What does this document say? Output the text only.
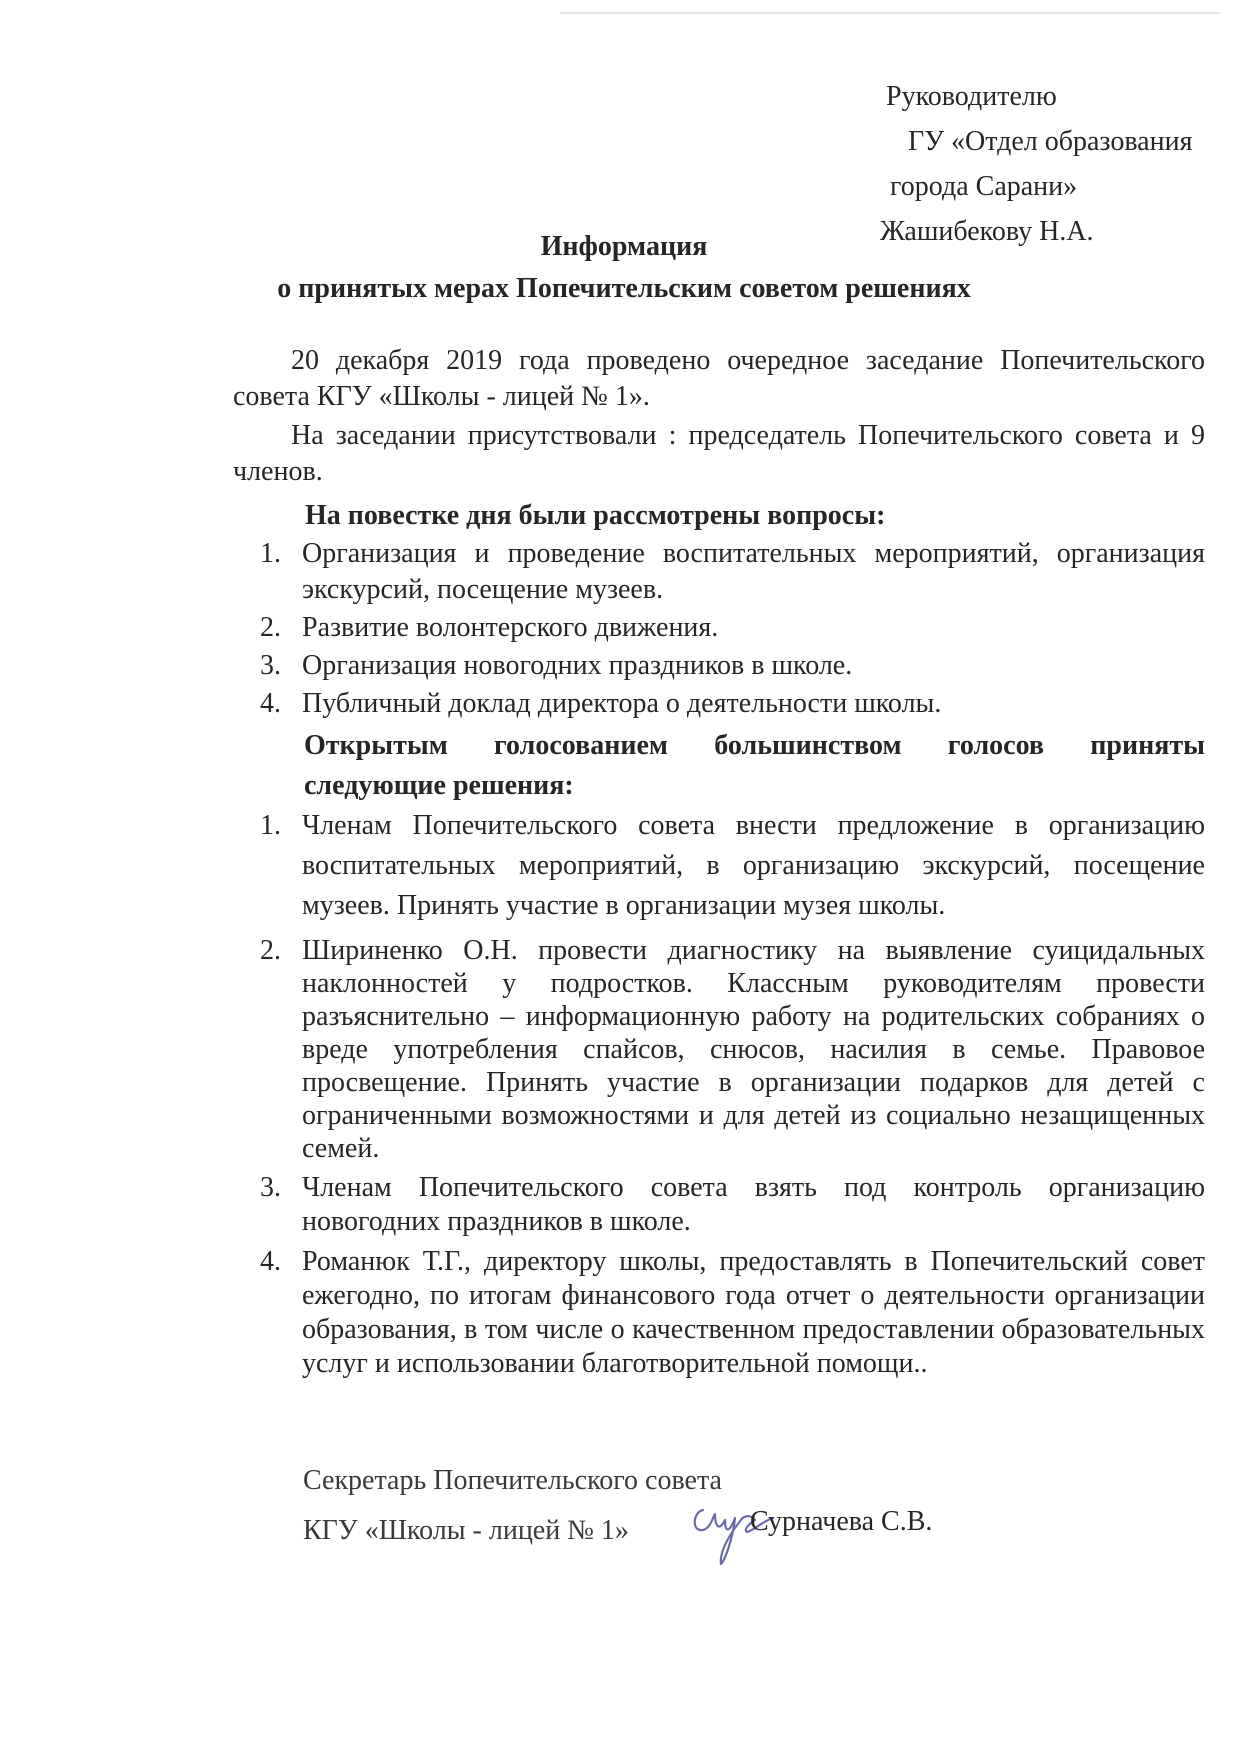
Руководителю
ГУ «Отдел образования
города Сарани»
Жашибекову Н.А.
Информация
о принятых мерах Попечительским советом решениях
20 декабря 2019 года проведено очередное заседание Попечительского совета КГУ «Школы - лицей № 1».
На заседании присутствовали : председатель Попечительского совета и 9 членов.
На повестке дня были рассмотрены вопросы:
1. Организация и проведение воспитательных мероприятий, организация экскурсий, посещение музеев.
2. Развитие волонтерского движения.
3. Организация новогодних праздников в школе.
4. Публичный доклад директора о деятельности школы.
Открытым голосованием большинством голосов приняты
следующие решения:
1. Членам Попечительского совета внести предложение в организацию воспитательных мероприятий, в организацию экскурсий, посещение музеев. Принять участие в организации музея школы.
2. Шириненко О.Н. провести диагностику на выявление суицидальных наклонностей у подростков. Классным руководителям провести разъяснительно – информационную работу на родительских собраниях о вреде употребления спайсов, снюсов, насилия в семье. Правовое просвещение. Принять участие в организации подарков для детей с ограниченными возможностями и для детей из социально незащищенных семей.
3. Членам Попечительского совета взять под контроль организацию новогодних праздников в школе.
4. Романюк Т.Г., директору школы, предоставлять в Попечительский совет ежегодно, по итогам финансового года отчет о деятельности организации образования, в том числе о качественном предоставлении образовательных услуг и использовании благотворительной помощи..
Секретарь Попечительского совета
КГУ «Школы - лицей № 1»	Сурначева С.В.
